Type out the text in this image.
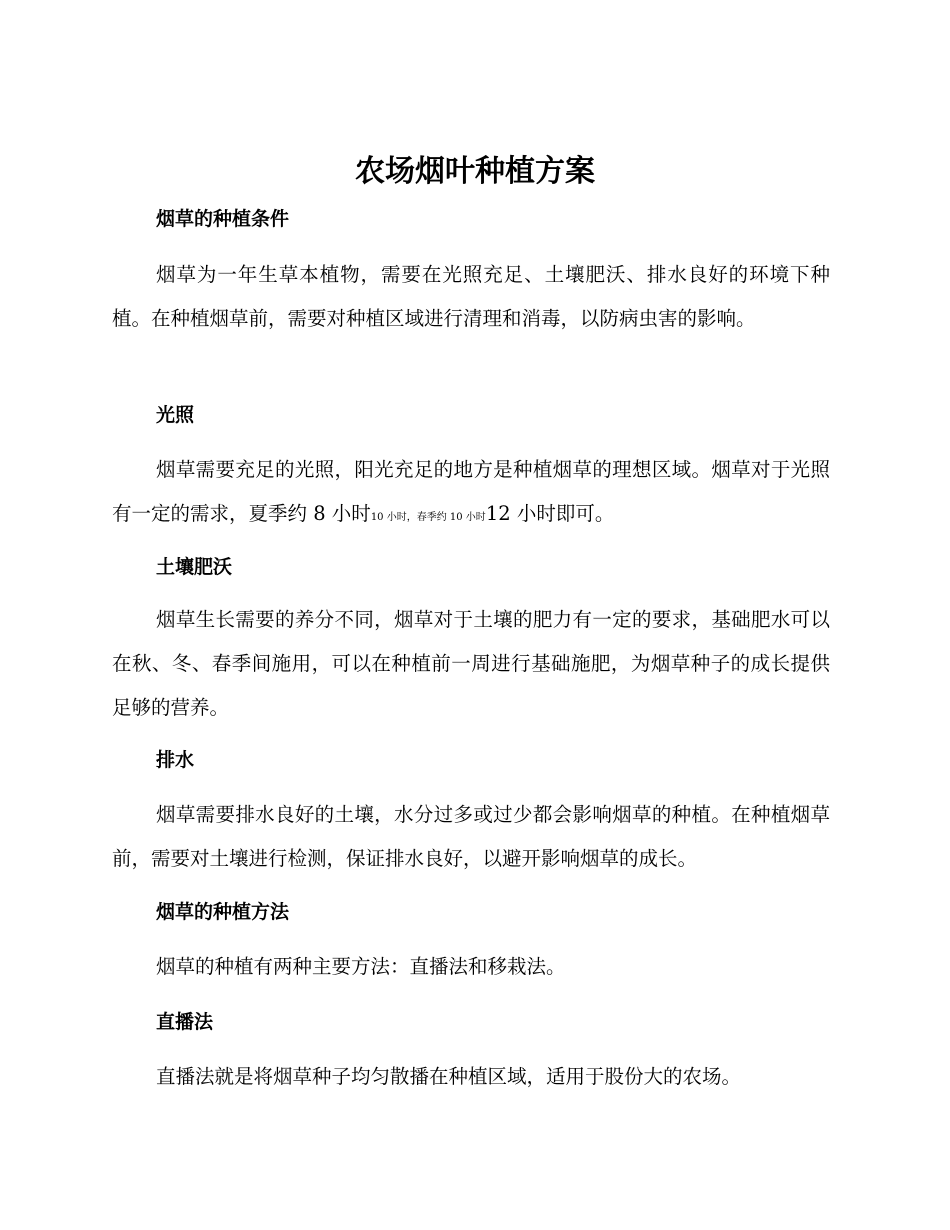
农场烟叶种植方案
烟草的种植条件

烟草为一年生草本植物，需要在光照充足、土壤肥沃、排水良好的环境下种植。在种植烟草前，需要对种植区域进行清理和消毒，以防病虫害的影响。

光照

烟草需要充足的光照，阳光充足的地方是种植烟草的理想区域。烟草对于光照有一定的需求，夏季约 8 小时10 小时，春季约 10 小时12 小时即可。

土壤肥沃

烟草生长需要的养分不同，烟草对于土壤的肥力有一定的要求，基础肥水可以在秋、冬、春季间施用，可以在种植前一周进行基础施肥，为烟草种子的成长提供足够的营养。

排水

烟草需要排水良好的土壤，水分过多或过少都会影响烟草的种植。在种植烟草前，需要对土壤进行检测，保证排水良好，以避开影响烟草的成长。

烟草的种植方法

烟草的种植有两种主要方法：直播法和移栽法。

直播法

直播法就是将烟草种子均匀散播在种植区域，适用于股份大的农场。
